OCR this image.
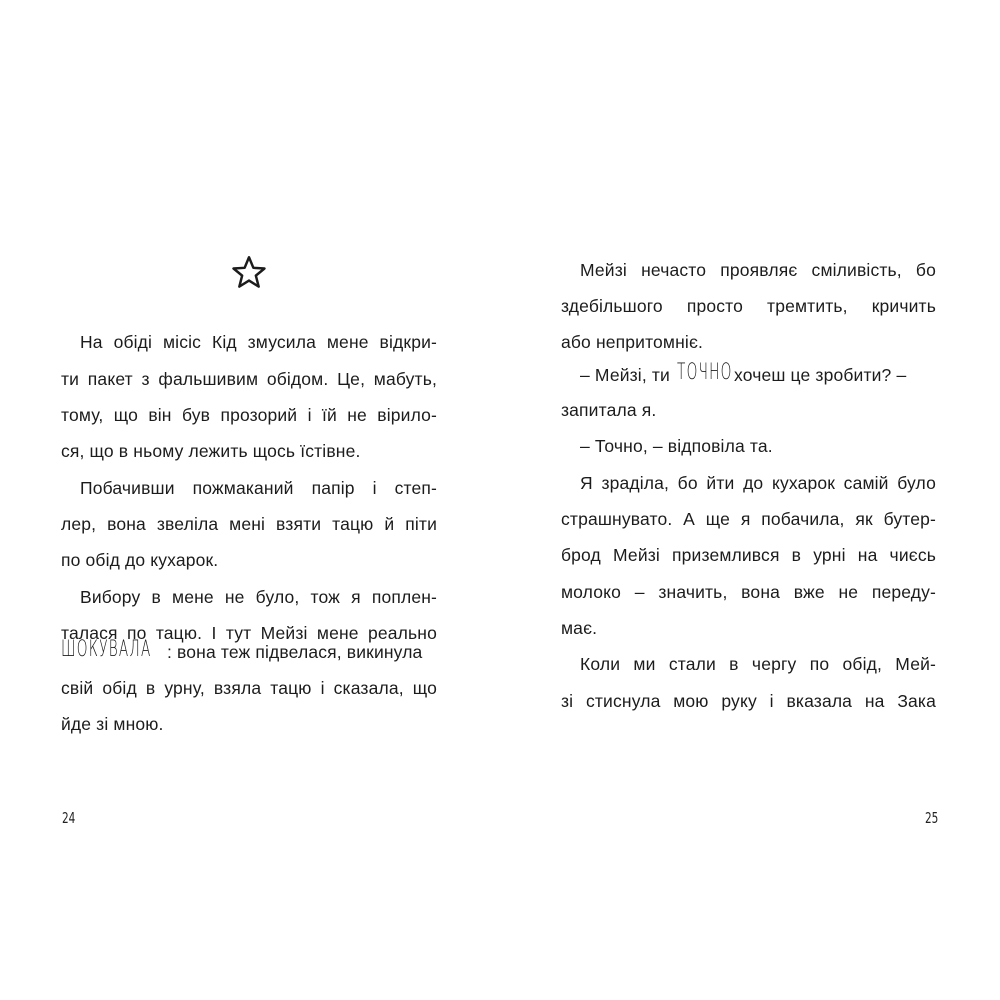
На обіді місіс Кід змусила мене відкри-
ти пакет з фальшивим обідом. Це, мабуть,
тому, що він був прозорий і їй не вірило-
ся, що в ньому лежить щось їстівне.
Побачивши пожмаканий папір і степ-
лер, вона звеліла мені взяти тацю й піти
по обід до кухарок.
Вибору в мене не було, тож я поплен-
талася по тацю. І тут Мейзі мене реально
ШОКУВАЛА : вона теж підвелася, викинула
свій обід в урну, взяла тацю і сказала, що
йде зі мною.
24
Мейзі нечасто проявляє сміливість, бо
здебільшого просто тремтить, кричить
або непритомніє.
– Мейзі, ти ТОЧНО хочеш це зробити? –
запитала я.
– Точно, – відповіла та.
Я зраділа, бо йти до кухарок самій було
страшнувато. А ще я побачила, як бутер-
брод Мейзі приземлився в урні на чиєсь
молоко – значить, вона вже не переду-
має.
Коли ми стали в чергу по обід, Мей-
зі стиснула мою руку і вказала на Зака
25
